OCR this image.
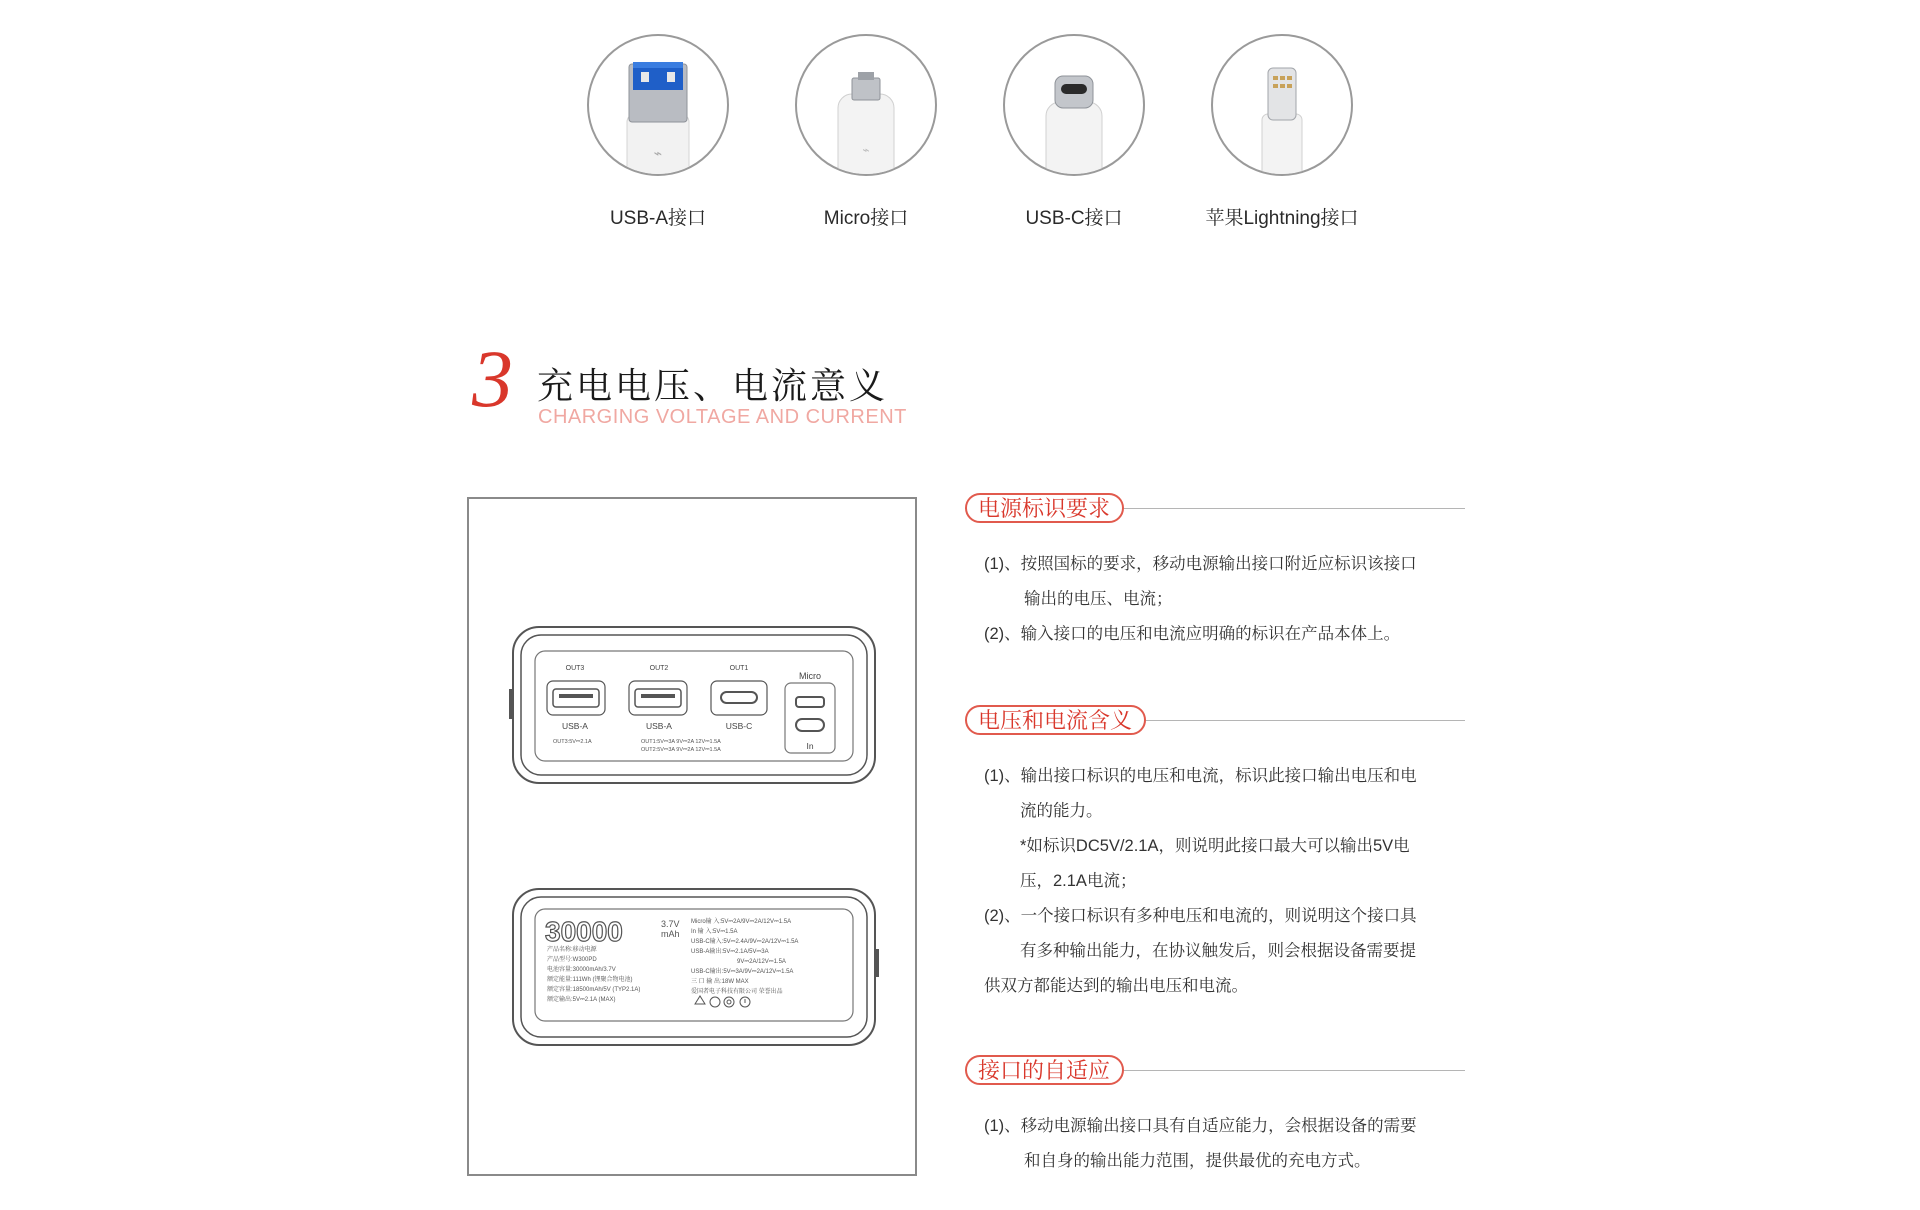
⌁
USB-A接口
⌁
Micro接口	USB-C接口	苹果Lightning接口
3 充电电压、电流意义
CHARGING VOLTAGE AND CURRENT
OUT3	OUT2	OUT1
Micro
USB-A	USB-A	USB-C
In
OUT3:5V⎓2.1A	OUT1:5V⎓3A 9V⎓2A 12V⎓1.5A
OUT2:5V⎓3A 9V⎓2A 12V⎓1.5A
30000	3.7V
mAh
产品名称:移动电源
产品型号:W300PD
电池容量:30000mAh/3.7V
额定能量:111Wh (锂聚合物电池)
额定容量:18500mAh/5V (TYP2.1A)
额定输出:5V⎓2.1A (MAX)
Micro输 入:5V⎓2A/9V⎓2A/12V⎓1.5A
In 输 入:5V⎓1.5A
USB-C输入:5V⎓2.4A/9V⎓2A/12V⎓1.5A
USB-A输出:5V⎓2.1A/5V⎓3A
9V⎓2A/12V⎓1.5A
USB-C输出:5V⎓3A/9V⎓2A/12V⎓1.5A
三 口 输 出:18W MAX
爱国者电子科技有限公司 荣誉出品
电源标识要求

(1)、按照国标的要求，移动电源输出接口附近应标识该接口

输出的电压、电流；

(2)、输入接口的电压和电流应明确的标识在产品本体上。

电压和电流含义

(1)、输出接口标识的电压和电流，标识此接口输出电压和电

流的能力。

*如标识DC5V/2.1A，则说明此接口最大可以输出5V电

压，2.1A电流；

(2)、一个接口标识有多种电压和电流的，则说明这个接口具

有多种输出能力，在协议触发后，则会根据设备需要提

供双方都能达到的输出电压和电流。

接口的自适应

(1)、移动电源输出接口具有自适应能力，会根据设备的需要

和自身的输出能力范围，提供最优的充电方式。
